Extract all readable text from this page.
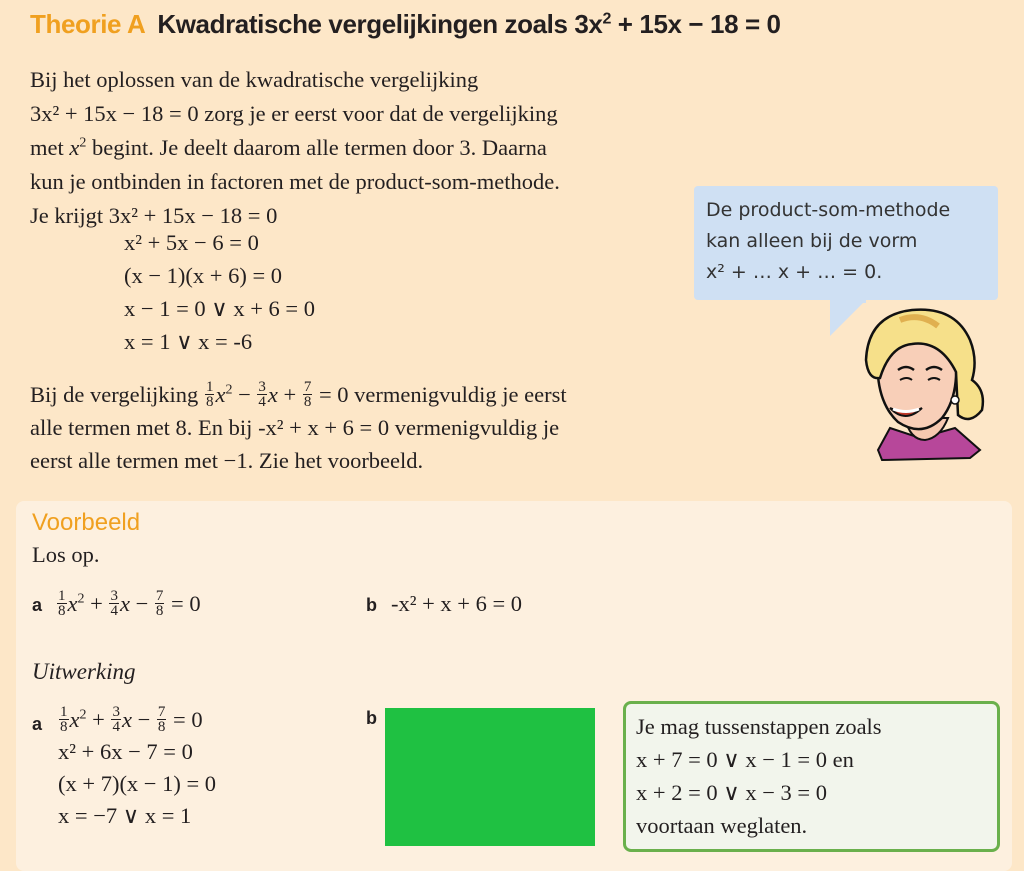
Theorie A Kwadratische vergelijkingen zoals $3x^2 + 15x - 18 = 0$

Bij het oplossen van de kwadratische vergelijking

3x² + 15x − 18 = 0 zorg je er eerst voor dat de vergelijking

met $x^2$ begint. Je deelt daarom alle termen door 3. Daarna

kun je ontbinden in factoren met de product-som-methode.

Je krijgt 3x² + 15x − 18 = 0

x² + 5x − 6 = 0
(x − 1)(x + 6) = 0
x − 1 = 0 ∨ x + 6 = 0
x = 1 ∨ x = -6
Bij de vergelijking $\frac{1}{8} x^2 - \frac{3}{4}$ $x + \frac{7}{8} = 0$ vermenigvuldig je eerst
alle termen met 8. En bij -x² + x + 6 = 0 vermenigvuldig je
eerst alle termen met −1. Zie het voorbeeld.
De product-som-methode
kan alleen bij de vorm
x² + … x + … = 0.
Voorbeeld
Los op.
a $\frac{1}{8} x^2 + \frac{3}{4}$ $x - \frac{7}{8} = 0$	b -x² + x + 6 = 0
Uitwerking
a $\frac{1}{8} x^2 + \frac{3}{4}$ $x - \frac{7}{8} = 0$
x² + 6x − 7 = 0
(x + 7)(x − 1) = 0
x = −7 ∨ x = 1
b	Je mag tussenstappen zoals
x + 7 = 0 ∨ x − 1 = 0 en
x + 2 = 0 ∨ x − 3 = 0
voortaan weglaten.
